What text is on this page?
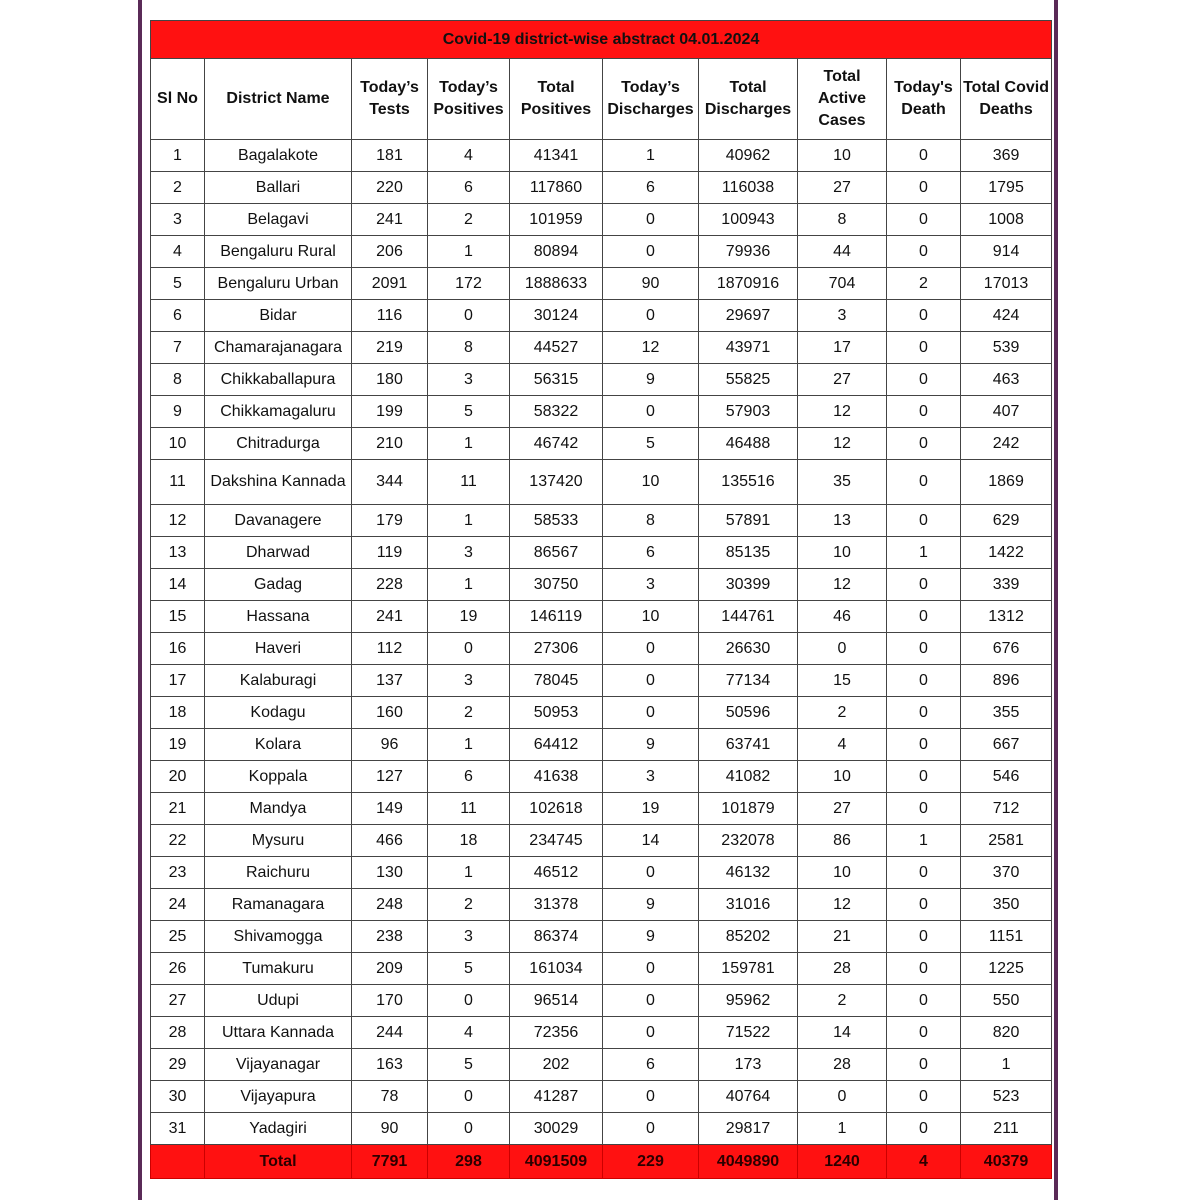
Covid-19 district-wise abstract 04.01.2024									
Sl No	District Name	Today’s Tests	Today’s Positives	Total Positives	Today’s Discharges	Total Discharges	Total Active Cases	Today's Death	Total Covid Deaths
1	Bagalakote	181	4	41341	1	40962	10	0	369
2	Ballari	220	6	117860	6	116038	27	0	1795
3	Belagavi	241	2	101959	0	100943	8	0	1008
4	Bengaluru Rural	206	1	80894	0	79936	44	0	914
5	Bengaluru Urban	2091	172	1888633	90	1870916	704	2	17013
6	Bidar	116	0	30124	0	29697	3	0	424
7	Chamarajanagara	219	8	44527	12	43971	17	0	539
8	Chikkaballapura	180	3	56315	9	55825	27	0	463
9	Chikkamagaluru	199	5	58322	0	57903	12	0	407
10	Chitradurga	210	1	46742	5	46488	12	0	242
11	Dakshina Kannada	344	11	137420	10	135516	35	0	1869
12	Davanagere	179	1	58533	8	57891	13	0	629
13	Dharwad	119	3	86567	6	85135	10	1	1422
14	Gadag	228	1	30750	3	30399	12	0	339
15	Hassana	241	19	146119	10	144761	46	0	1312
16	Haveri	112	0	27306	0	26630	0	0	676
17	Kalaburagi	137	3	78045	0	77134	15	0	896
18	Kodagu	160	2	50953	0	50596	2	0	355
19	Kolara	96	1	64412	9	63741	4	0	667
20	Koppala	127	6	41638	3	41082	10	0	546
21	Mandya	149	11	102618	19	101879	27	0	712
22	Mysuru	466	18	234745	14	232078	86	1	2581
23	Raichuru	130	1	46512	0	46132	10	0	370
24	Ramanagara	248	2	31378	9	31016	12	0	350
25	Shivamogga	238	3	86374	9	85202	21	0	1151
26	Tumakuru	209	5	161034	0	159781	28	0	1225
27	Udupi	170	0	96514	0	95962	2	0	550
28	Uttara Kannada	244	4	72356	0	71522	14	0	820
29	Vijayanagar	163	5	202	6	173	28	0	1
30	Vijayapura	78	0	41287	0	40764	0	0	523
31	Yadagiri	90	0	30029	0	29817	1	0	211
	Total	7791	298	4091509	229	4049890	1240	4	40379
